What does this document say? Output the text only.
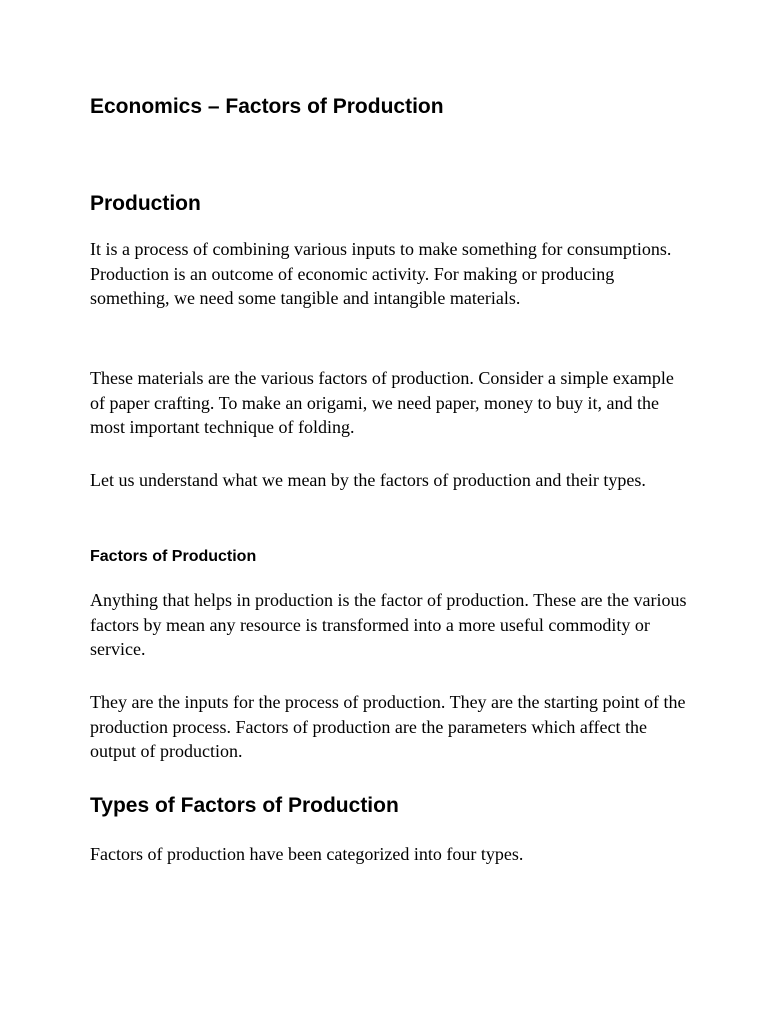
Economics – Factors of Production
Production

It is a process of combining various inputs to make something for consumptions. Production is an outcome of economic activity. For making or producing something, we need some tangible and intangible materials.

These materials are the various factors of production. Consider a simple example of paper crafting. To make an origami, we need paper, money to buy it, and the most important technique of folding.

Let us understand what we mean by the factors of production and their types.

Factors of Production

Anything that helps in production is the factor of production. These are the various factors by mean any resource is transformed into a more useful commodity or service.

They are the inputs for the process of production. They are the starting point of the production process. Factors of production are the parameters which affect the output of production.

Types of Factors of Production

Factors of production have been categorized into four types.
